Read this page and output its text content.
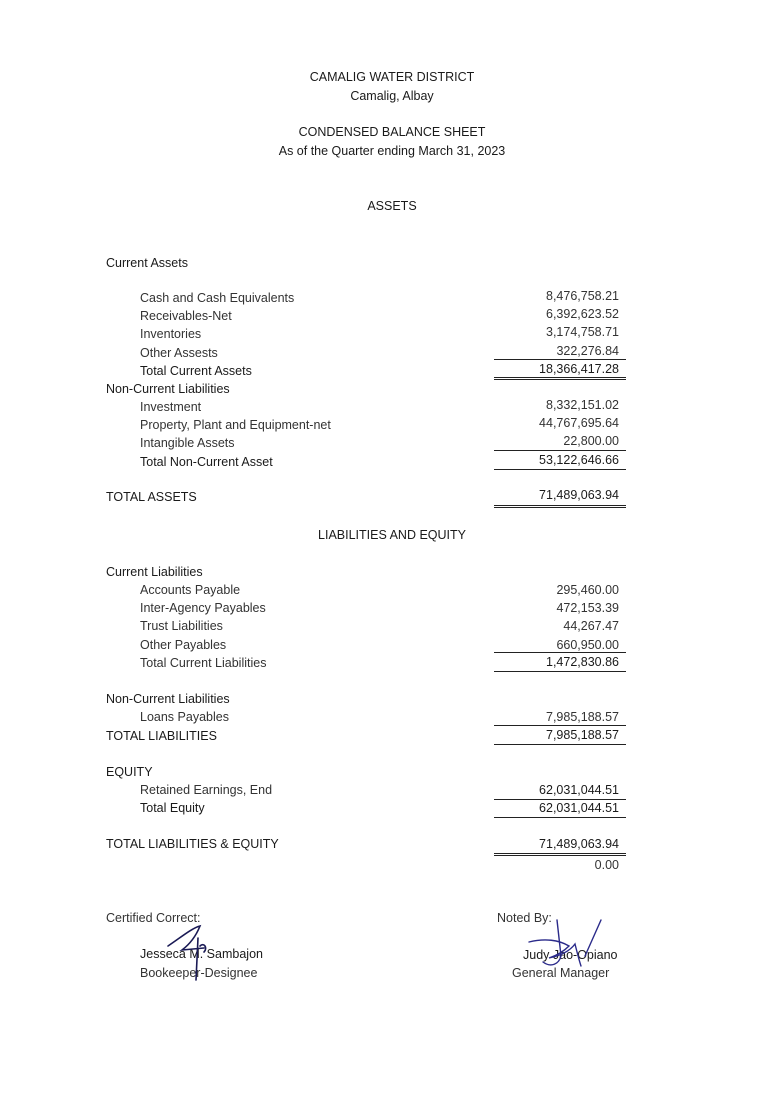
CAMALIG WATER DISTRICT
Camalig, Albay
CONDENSED BALANCE SHEET
As of the Quarter ending March 31, 2023
ASSETS
Current Assets
Cash and Cash Equivalents	8,476,758.21
Receivables-Net	6,392,623.52
Inventories	3,174,758.71
Other Assests	322,276.84
Total Current Assets	18,366,417.28
Non-Current Liabilities
Investment	8,332,151.02
Property, Plant and Equipment-net	44,767,695.64
Intangible Assets	22,800.00
Total Non-Current Asset	53,122,646.66
TOTAL ASSETS	71,489,063.94
LIABILITIES AND EQUITY
Current Liabilities
Accounts Payable	295,460.00
Inter-Agency Payables	472,153.39
Trust Liabilities	44,267.47
Other Payables	660,950.00
Total Current Liabilities	1,472,830.86
Non-Current Liabilities
Loans Payables	7,985,188.57
TOTAL LIABILITIES	7,985,188.57
EQUITY
Retained Earnings, End	62,031,044.51
Total Equity	62,031,044.51
TOTAL LIABILITIES & EQUITY	71,489,063.94
0.00
Certified Correct:
Jesseca M. Sambajon
Bookeeper-Designee
Noted By:
Judy Jao-Opiano
General Manager
